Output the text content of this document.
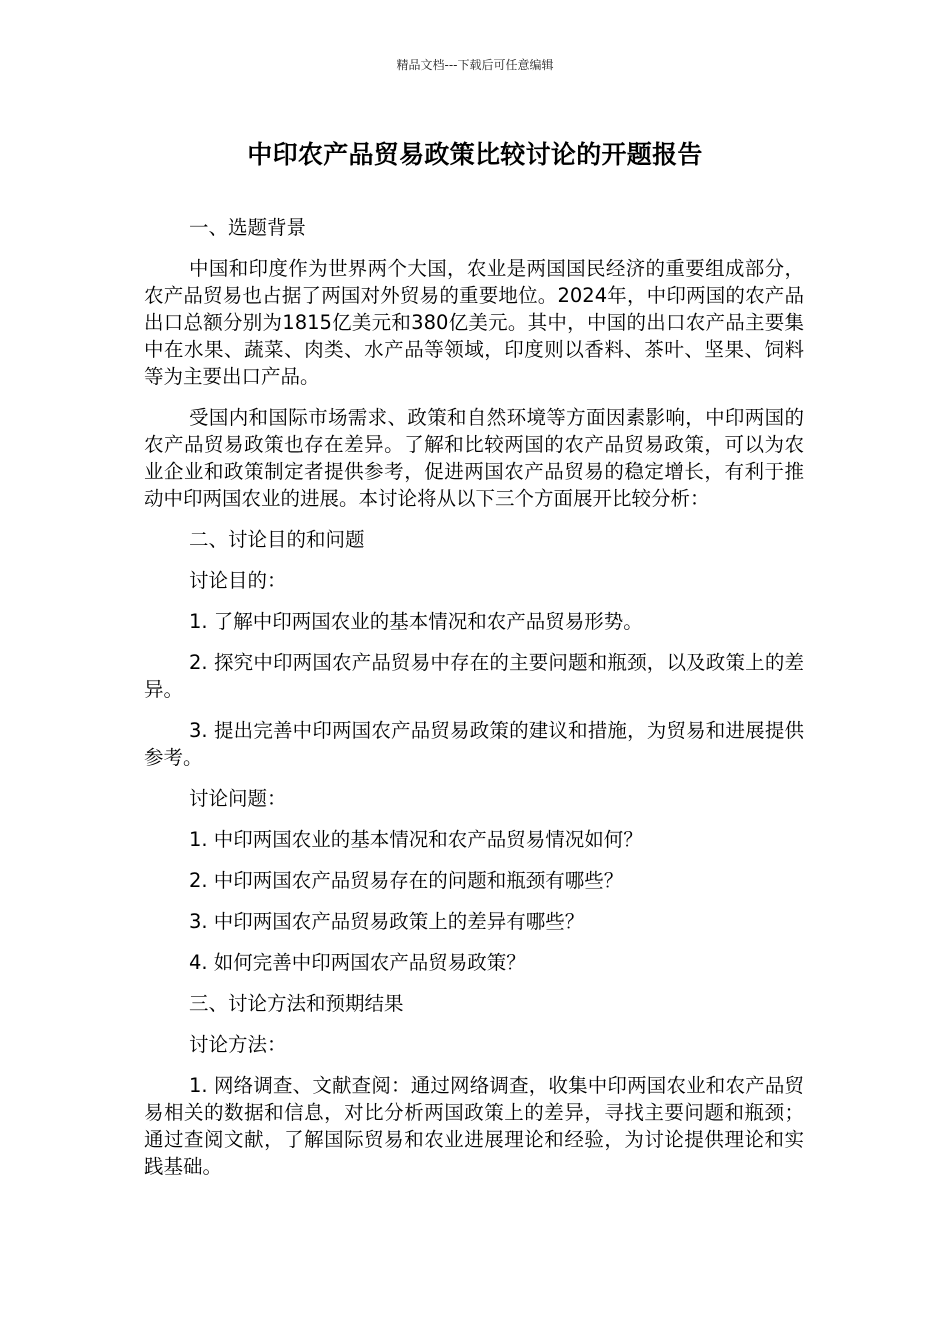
精品文档---下载后可任意编辑
中印农产品贸易政策比较讨论的开题报告

一、选题背景

中国和印度作为世界两个大国，农业是两国国民经济的重要组成部分，农产品贸易也占据了两国对外贸易的重要地位。2024年，中印两国的农产品出口总额分别为1815亿美元和380亿美元。其中，中国的出口农产品主要集中在水果、蔬菜、肉类、水产品等领域，印度则以香料、茶叶、坚果、饲料等为主要出口产品。

受国内和国际市场需求、政策和自然环境等方面因素影响，中印两国的农产品贸易政策也存在差异。了解和比较两国的农产品贸易政策，可以为农业企业和政策制定者提供参考，促进两国农产品贸易的稳定增长，有利于推动中印两国农业的进展。本讨论将从以下三个方面展开比较分析：

二、讨论目的和问题

讨论目的：

1. 了解中印两国农业的基本情况和农产品贸易形势。

2. 探究中印两国农产品贸易中存在的主要问题和瓶颈，以及政策上的差异。

3. 提出完善中印两国农产品贸易政策的建议和措施，为贸易和进展提供参考。

讨论问题：

1. 中印两国农业的基本情况和农产品贸易情况如何？

2. 中印两国农产品贸易存在的问题和瓶颈有哪些？

3. 中印两国农产品贸易政策上的差异有哪些？

4. 如何完善中印两国农产品贸易政策？

三、讨论方法和预期结果

讨论方法：

1. 网络调查、文献查阅：通过网络调查，收集中印两国农业和农产品贸易相关的数据和信息，对比分析两国政策上的差异，寻找主要问题和瓶颈；通过查阅文献，了解国际贸易和农业进展理论和经验，为讨论提供理论和实践基础。
